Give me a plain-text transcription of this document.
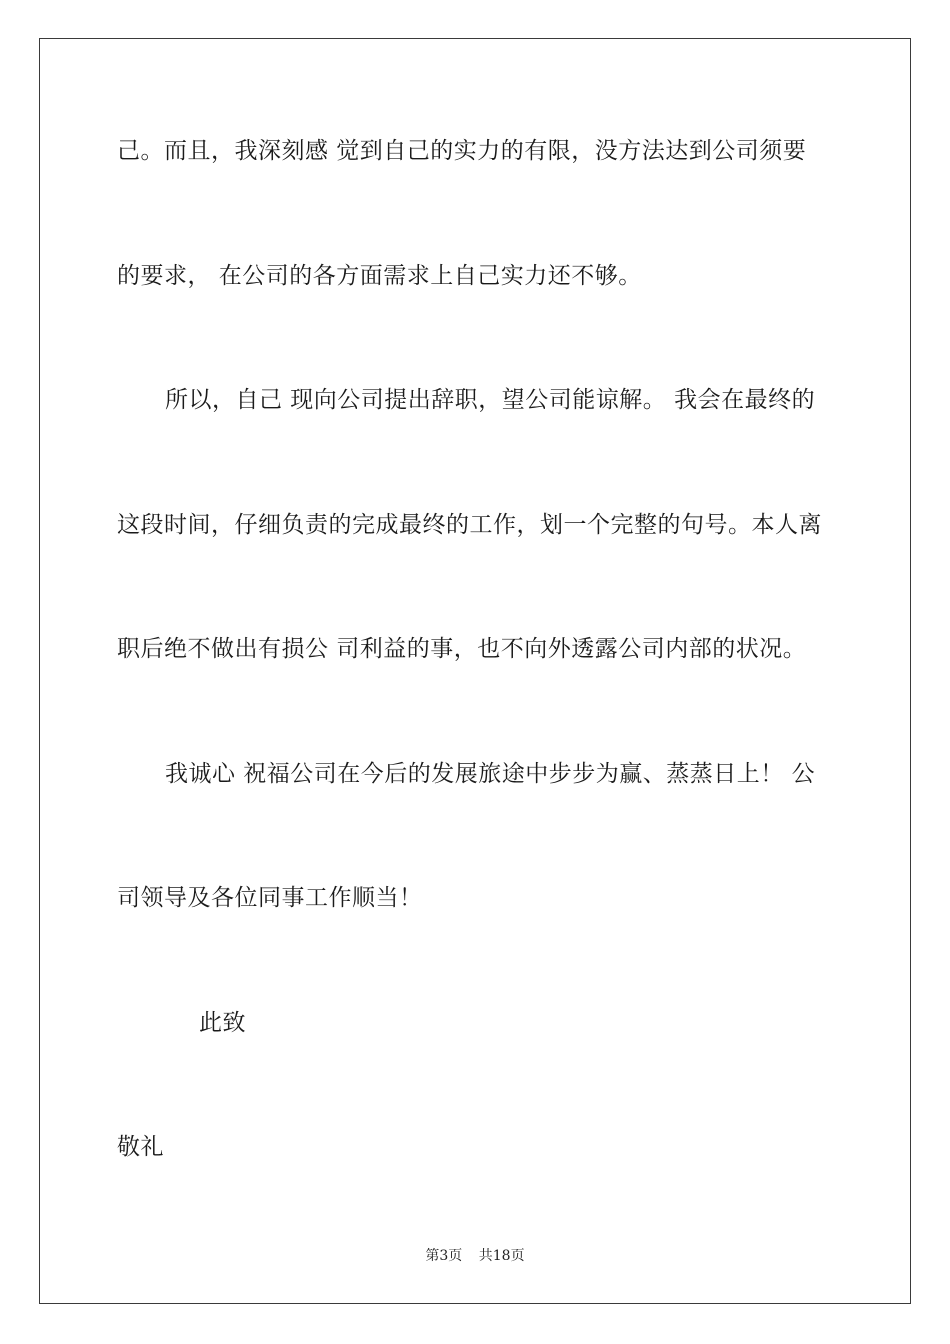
己。而且，我深刻感 觉到自己的实力的有限，没方法达到公司须要
的要求， 在公司的各方面需求上自己实力还不够。
所以，自己 现向公司提出辞职，望公司能谅解。 我会在最终的
这段时间，仔细负责的完成最终的工作，划一个完整的句号。本人离
职后绝不做出有损公 司利益的事，也不向外透露公司内部的状况。
我诚心 祝福公司在今后的发展旅途中步步为赢、蒸蒸日上！ 公
司领导及各位同事工作顺当！
此致
敬礼
第3页 共18页
